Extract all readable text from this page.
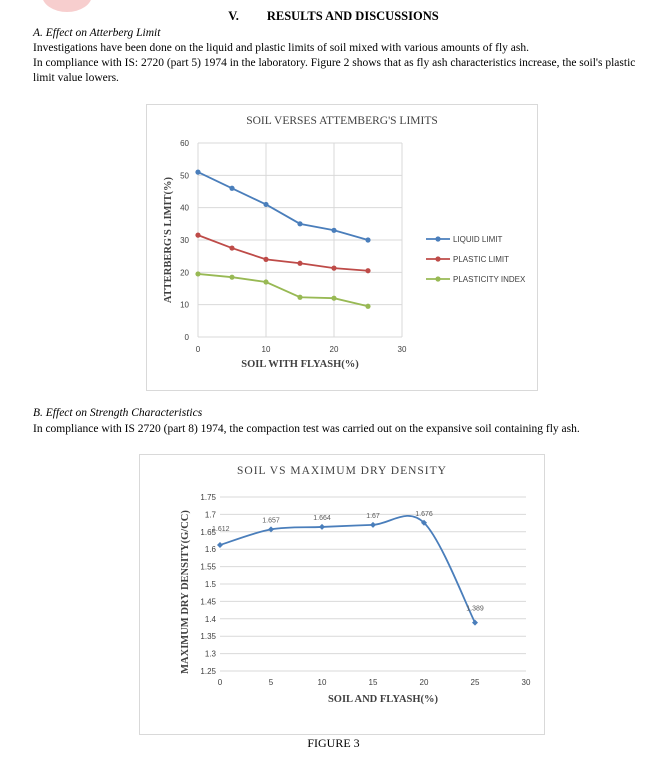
V. RESULTS AND DISCUSSIONS
A. Effect on Atterberg Limit
Investigations have been done on the liquid and plastic limits of soil mixed with various amounts of fly ash.
In compliance with IS: 2720 (part 5) 1974 in the laboratory. Figure 2 shows that as fly ash characteristics increase, the soil's plastic limit value lowers.
SOIL VERSES ATTEMBERG'S LIMITS
0
10
20
30
40
50
60
0	10	20	30
SOIL WITH FLYASH(%)
ATTERBERG'S LIMIT(%)	LIQUID LIMIT
PLASTIC LIMIT
PLASTICITY INDEX
B. Effect on Strength Characteristics
In compliance with IS 2720 (part 8) 1974, the compaction test was carried out on the expansive soil containing fly ash.
SOIL VS MAXIMUM DRY DENSITY
1.25
1.3
1.35
1.4
1.45
1.5
1.55
1.6
1.65
1.7
1.75
0	5	10	15	20	25	30
SOIL AND FLYASH(%)
MAXIMUM DRY DENSITY(G/CC)	1.612
1.657	1.664	1.67	1.676
1.389
FIGURE 3
